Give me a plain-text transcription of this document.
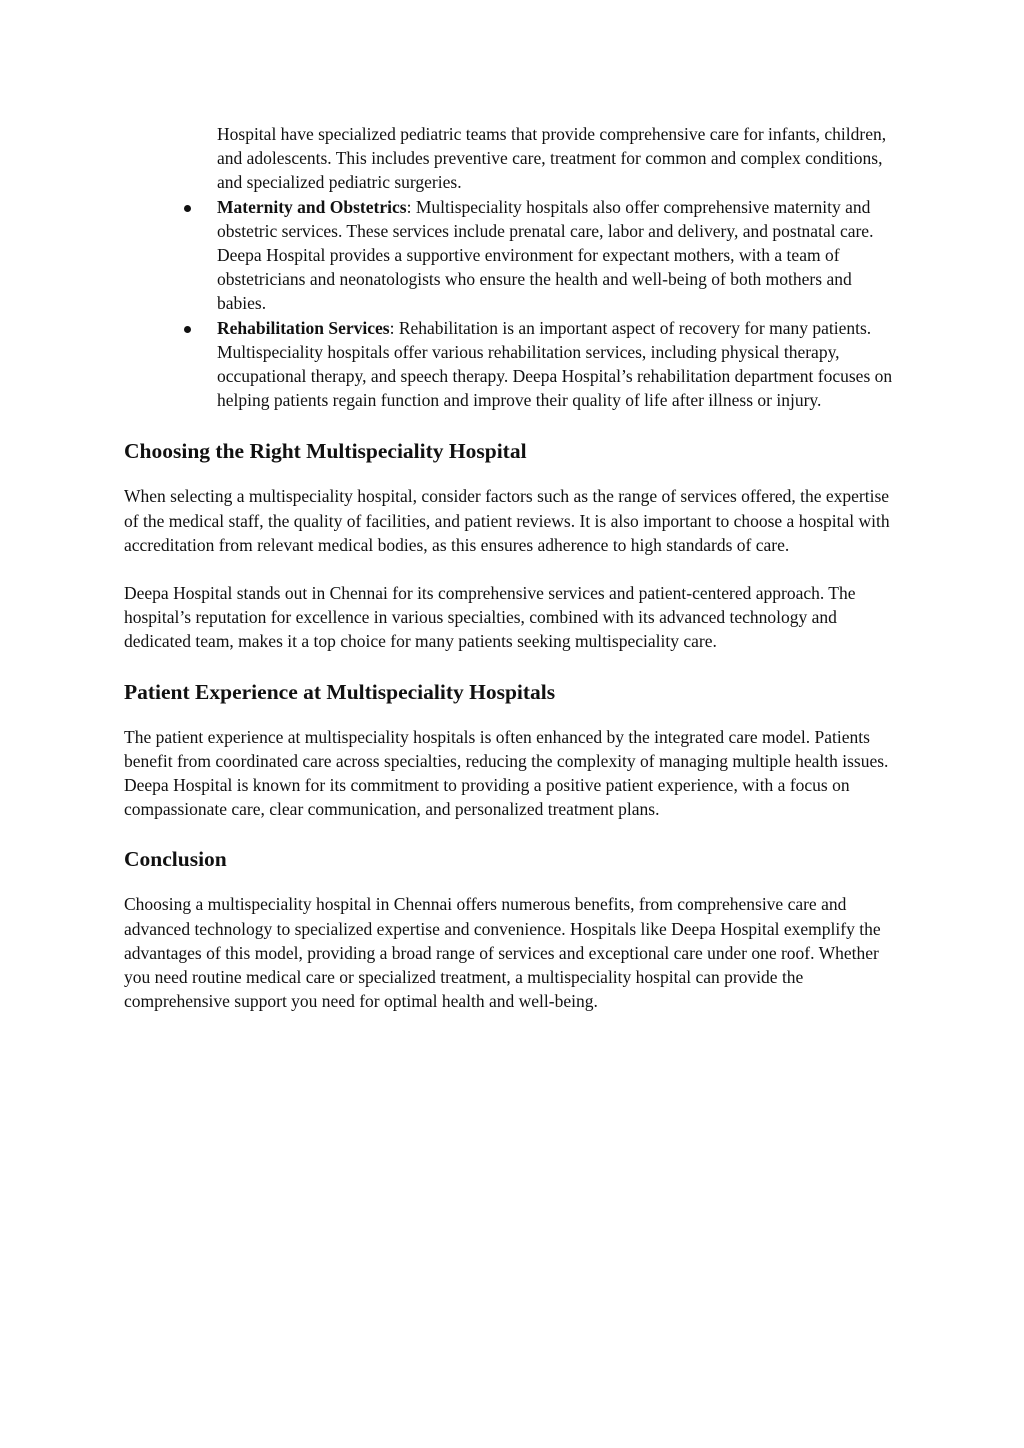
Hospital have specialized pediatric teams that provide comprehensive care for infants, children, and adolescents. This includes preventive care, treatment for common and complex conditions, and specialized pediatric surgeries.

Maternity and Obstetrics: Multispeciality hospitals also offer comprehensive maternity and obstetric services. These services include prenatal care, labor and delivery, and postnatal care. Deepa Hospital provides a supportive environment for expectant mothers, with a team of obstetricians and neonatologists who ensure the health and well-being of both mothers and babies.
Rehabilitation Services: Rehabilitation is an important aspect of recovery for many patients. Multispeciality hospitals offer various rehabilitation services, including physical therapy, occupational therapy, and speech therapy. Deepa Hospital’s rehabilitation department focuses on helping patients regain function and improve their quality of life after illness or injury.
Choosing the Right Multispeciality Hospital

When selecting a multispeciality hospital, consider factors such as the range of services offered, the expertise of the medical staff, the quality of facilities, and patient reviews. It is also important to choose a hospital with accreditation from relevant medical bodies, as this ensures adherence to high standards of care.

Deepa Hospital stands out in Chennai for its comprehensive services and patient-centered approach. The hospital’s reputation for excellence in various specialties, combined with its advanced technology and dedicated team, makes it a top choice for many patients seeking multispeciality care.

Patient Experience at Multispeciality Hospitals

The patient experience at multispeciality hospitals is often enhanced by the integrated care model. Patients benefit from coordinated care across specialties, reducing the complexity of managing multiple health issues. Deepa Hospital is known for its commitment to providing a positive patient experience, with a focus on compassionate care, clear communication, and personalized treatment plans.

Conclusion

Choosing a multispeciality hospital in Chennai offers numerous benefits, from comprehensive care and advanced technology to specialized expertise and convenience. Hospitals like Deepa Hospital exemplify the advantages of this model, providing a broad range of services and exceptional care under one roof. Whether you need routine medical care or specialized treatment, a multispeciality hospital can provide the comprehensive support you need for optimal health and well-being.
